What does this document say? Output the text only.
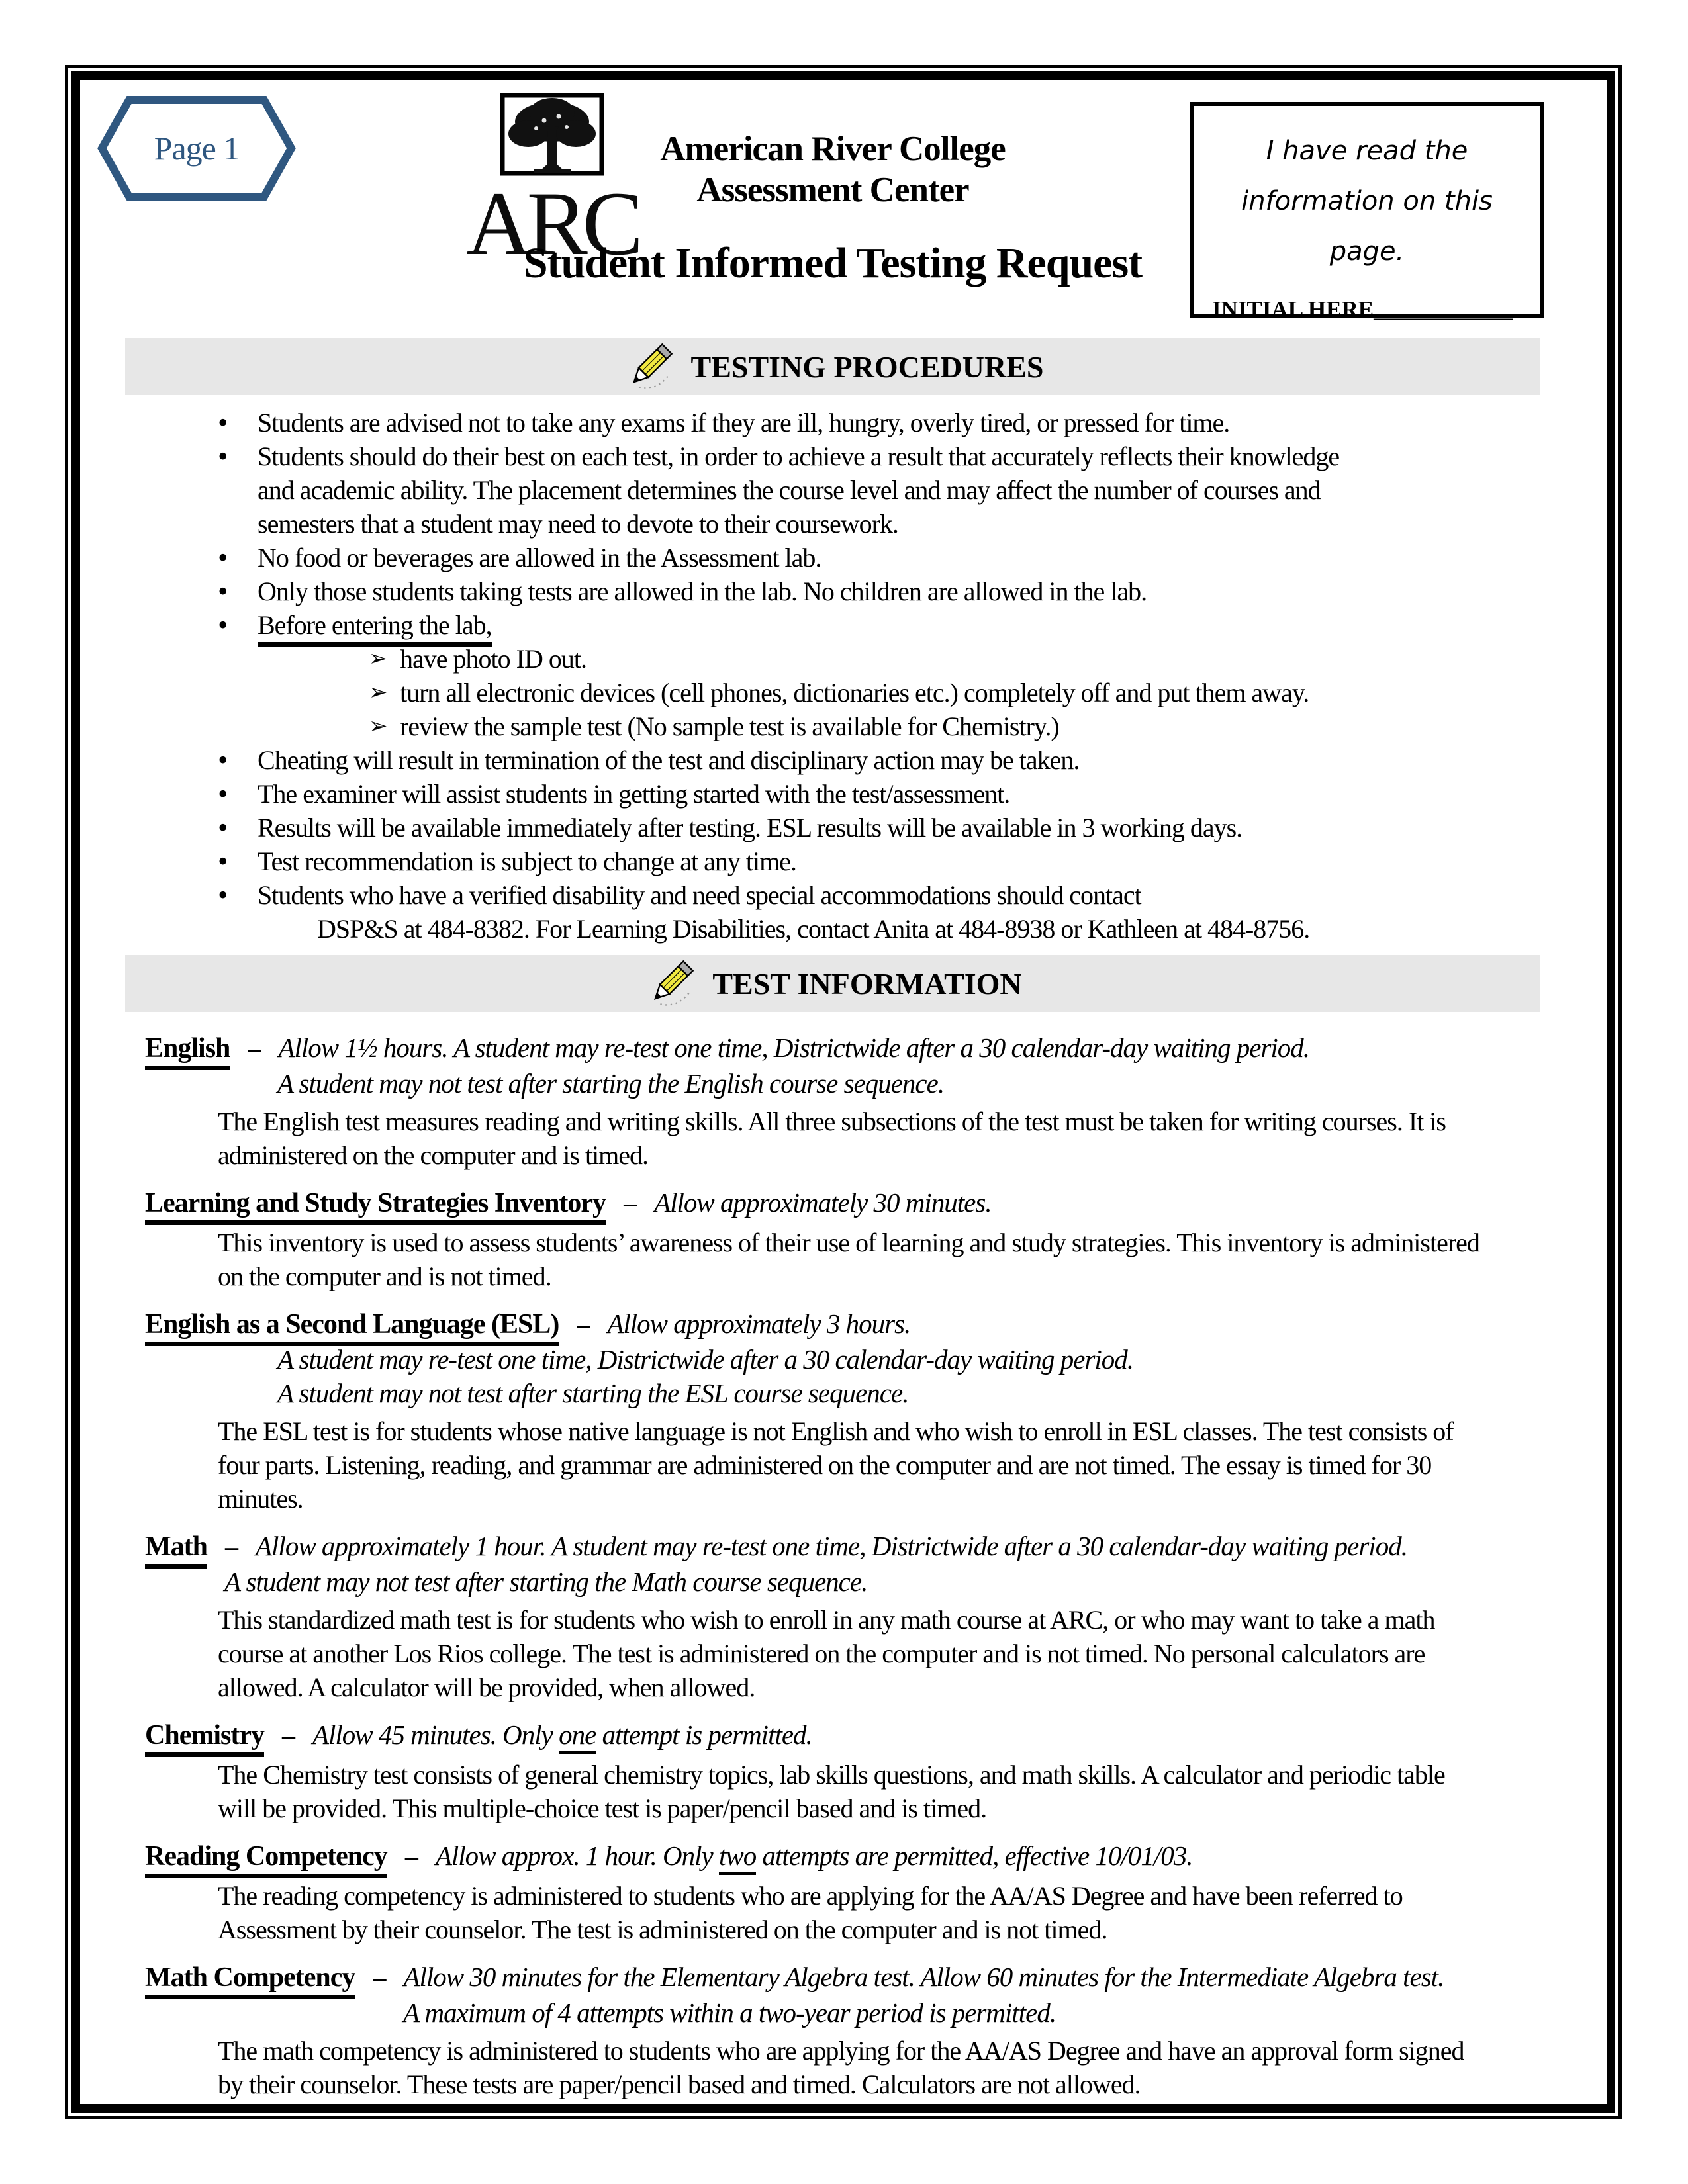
Page 1
ARC
American River College
Assessment Center
Student Informed Testing Request
I have read the
information on this page.
INITIAL HERE____________
TESTING PROCEDURES
• Students are advised not to take any exams if they are ill, hungry, overly tired, or pressed for time.
• Students should do their best on each test, in order to achieve a result that accurately reflects their knowledge and academic ability. The placement determines the course level and may affect the number of courses and semesters that a student may need to devote to their coursework.
• No food or beverages are allowed in the Assessment lab.
• Only those students taking tests are allowed in the lab. No children are allowed in the lab.
• Before entering the lab,
➢ have photo ID out.
➢ turn all electronic devices (cell phones, dictionaries etc.) completely off and put them away.
➢ review the sample test (No sample test is available for Chemistry.)
• Cheating will result in termination of the test and disciplinary action may be taken.
• The examiner will assist students in getting started with the test/assessment.
• Results will be available immediately after testing. ESL results will be available in 3 working days.
• Test recommendation is subject to change at any time.
• Students who have a verified disability and need special accommodations should contact
DSP&S at 484-8382. For Learning Disabilities, contact Anita at 484-8938 or Kathleen at 484-8756.
TEST INFORMATION
English – Allow 1½ hours. A student may re-test one time, Districtwide after a 30 calendar-day waiting period.
A student may not test after starting the English course sequence.

The English test measures reading and writing skills. All three subsections of the test must be taken for writing courses. It is administered on the computer and is timed.

Learning and Study Strategies Inventory – Allow approximately 30 minutes.

This inventory is used to assess students’ awareness of their use of learning and study strategies. This inventory is administered on the computer and is not timed.

English as a Second Language (ESL) – Allow approximately 3 hours.
A student may re-test one time, Districtwide after a 30 calendar-day waiting period.
A student may not test after starting the ESL course sequence.

The ESL test is for students whose native language is not English and who wish to enroll in ESL classes. The test consists of four parts. Listening, reading, and grammar are administered on the computer and are not timed. The essay is timed for 30 minutes.

Math – Allow approximately 1 hour. A student may re-test one time, Districtwide after a 30 calendar-day waiting period.
A student may not test after starting the Math course sequence.

This standardized math test is for students who wish to enroll in any math course at ARC, or who may want to take a math course at another Los Rios college. The test is administered on the computer and is not timed. No personal calculators are allowed. A calculator will be provided, when allowed.

Chemistry – Allow 45 minutes. Only one attempt is permitted.

The Chemistry test consists of general chemistry topics, lab skills questions, and math skills. A calculator and periodic table will be provided. This multiple-choice test is paper/pencil based and is timed.

Reading Competency – Allow approx. 1 hour. Only two attempts are permitted, effective 10/01/03.

The reading competency is administered to students who are applying for the AA/AS Degree and have been referred to Assessment by their counselor. The test is administered on the computer and is not timed.

Math Competency – Allow 30 minutes for the Elementary Algebra test. Allow 60 minutes for the Intermediate Algebra test.
A maximum of 4 attempts within a two-year period is permitted.

The math competency is administered to students who are applying for the AA/AS Degree and have an approval form signed by their counselor. These tests are paper/pencil based and timed. Calculators are not allowed.
